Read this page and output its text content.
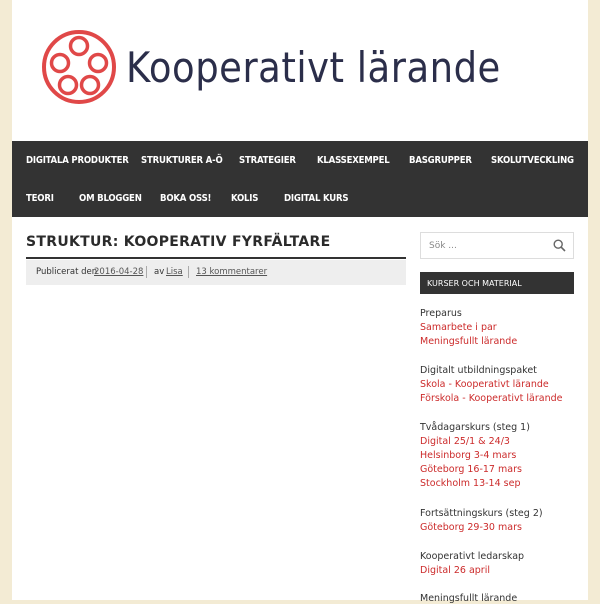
Kooperativt lärande
DIGITALA PRODUKTER STRUKTURER A-Ö STRATEGIER KLASSEXEMPEL BASGRUPPER SKOLUTVECKLING
TEORI	OM BLOGGEN BOKA OSS! KOLIS	DIGITAL KURS
STRUKTUR: KOOPERATIV FYRFÄLTARE
Publicerat den
2016-04-28 av Lisa 13 kommentarer
Sök ...
KURSER OCH MATERIAL
Preparus
Samarbete i par
Meningsfullt lärande
Digitalt utbildningspaket
Skola - Kooperativt lärande
Förskola - Kooperativt lärande
Tvådagarskurs (steg 1)
Digital 25/1 & 24/3
Helsinborg 3-4 mars
Göteborg 16-17 mars
Stockholm 13-14 sep
Fortsättningskurs (steg 2)
Göteborg 29-30 mars
Kooperativt ledarskap
Digital 26 april
Meningsfullt lärande
